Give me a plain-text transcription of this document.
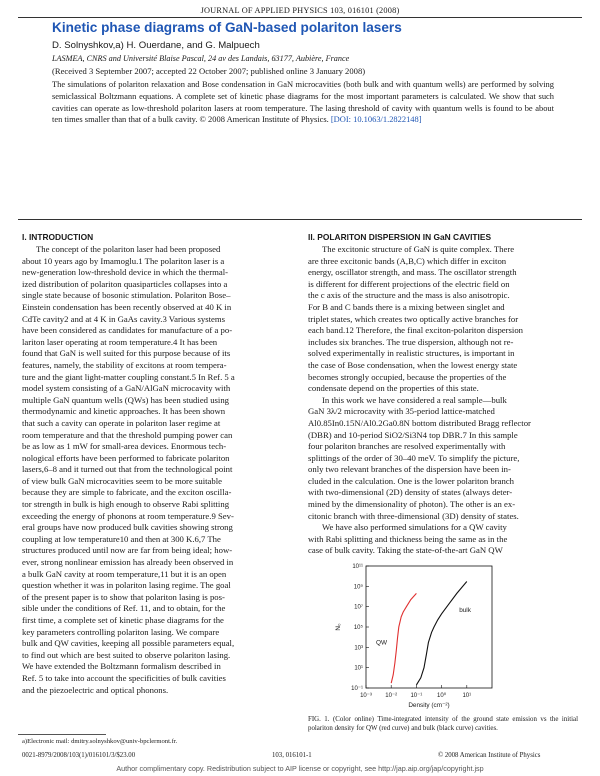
JOURNAL OF APPLIED PHYSICS 103, 016101 (2008)
Kinetic phase diagrams of GaN-based polariton lasers
D. Solnyshkov,a) H. Ouerdane, and G. Malpuech
LASMEA, CNRS and Université Blaise Pascal, 24 av des Landais, 63177, Aubière, France
(Received 3 September 2007; accepted 22 October 2007; published online 3 January 2008)
The simulations of polariton relaxation and Bose condensation in GaN microcavities (both bulk and with quantum wells) are performed by solving semiclassical Boltzmann equations. A complete set of kinetic phase diagrams for the most important parameters is calculated. We show that such cavities can operate as low-threshold polariton lasers at room temperature. The lasing threshold of cavity with quantum wells is found to be about ten times smaller than that of a bulk cavity. © 2008 American Institute of Physics. [DOI: 10.1063/1.2822148]
I. INTRODUCTION
The concept of the polariton laser had been proposed
about 10 years ago by Imamoglu.1 The polariton laser is a
new-generation low-threshold device in which the thermal-
ized distribution of polariton quasiparticles collapses into a
single state because of bosonic stimulation. Polariton Bose–
Einstein condensation has been recently observed at 40 K in
CdTe cavity2 and at 4 K in GaAs cavity.3 Various systems
have been considered as candidates for manufacture of a po-
lariton laser operating at room temperature.4 It has been
found that GaN is well suited for this purpose because of its
features, namely, the stability of excitons at room tempera-
ture and the giant light-matter coupling constant.5 In Ref. 5 a
model system consisting of a GaN/AlGaN microcavity with
multiple GaN quantum wells (QWs) has been studied using
thermodynamic and kinetic approaches. It has been shown
that such a cavity can operate in polariton laser regime at
room temperature and that the threshold pumping power can
be as low as 1 mW for small-area devices. Enormous tech-
nological efforts have been performed to fabricate polariton
lasers,6–8 and it turned out that from the technological point
of view bulk GaN microcavities seem to be more suitable
because they are simple to fabricate, and the exciton oscilla-
tor strength in bulk is high enough to observe Rabi splitting
exceeding the energy of phonons at room temperature.9 Sev-
eral groups have now produced bulk cavities showing strong
coupling at low temperature10 and then at 300 K.6,7 The
structures produced until now are far from being ideal; how-
ever, strong nonlinear emission has already been observed in
a bulk GaN cavity at room temperature,11 but it is an open
question whether it was in polariton lasing regime. The goal
of the present paper is to show that polariton lasing is pos-
sible under the conditions of Ref. 11, and to obtain, for the
first time, a complete set of kinetic phase diagrams for the
key parameters controlling polariton lasing. We compare
bulk and QW cavities, keeping all possible parameters equal,
to find out which are best suited to observe polariton lasing.
We have extended the Boltzmann formalism described in
Ref. 5 to take into account the specificities of bulk cavities
and the piezoelectric and optical phonons.
II. POLARITON DISPERSION IN GaN CAVITIES
The excitonic structure of GaN is quite complex. There
are three excitonic bands (A,B,C) which differ in exciton
energy, oscillator strength, and mass. The oscillator strength
is different for different projections of the electric field on
the c axis of the structure and the mass is also anisotropic.
For B and C bands there is a mixing between singlet and
triplet states, which creates two optically active branches for
each band.12 Therefore, the final exciton-polariton dispersion
includes six branches. The true dispersion, although not re-
solved experimentally in realistic structures, is important in
the case of Bose condensation, when the lowest energy state
becomes strongly occupied, because the properties of the
condensate depend on the properties of this state.
In this work we have considered a real sample—bulk
GaN 3λ/2 microcavity with 35-period lattice-matched
Al0.85In0.15N/Al0.2Ga0.8N bottom distributed Bragg reflector
(DBR) and 10-period SiO2/Si3N4 top DBR.7 In this sample
four polariton branches are resolved experimentally with
splittings of the order of 30–40 meV. To simplify the picture,
only two relevant branches of the dispersion have been in-
cluded in the calculation. One is the lower polariton branch
with two-dimensional (2D) density of states (always deter-
mined by the dimensionality of photon). The other is an ex-
citonic branch with three-dimensional (3D) density of states.
We have also performed simulations for a QW cavity
with Rabi splitting and thickness being the same as in the
case of bulk cavity. Taking the state-of-the-art GaN QW
10⁻³ 10⁻² 10⁻¹ 10⁰	10¹
10⁻¹
10¹
10³
10⁵
10⁷
10⁹
10¹¹
Density (cm⁻²)
N₀
QW
bulk
FIG. 1. (Color online) Time-integrated intensity of the ground state emission vs the initial polariton density for QW (red curve) and bulk (black curve) cavities.
a)Electronic mail: dmitry.solnyshkov@univ-bpclermont.fr.
0021-8979/2008/103(1)/016101/3/$23.00	103, 016101-1	© 2008 American Institute of Physics
Author complimentary copy. Redistribution subject to AIP license or copyright, see http://jap.aip.org/jap/copyright.jsp
